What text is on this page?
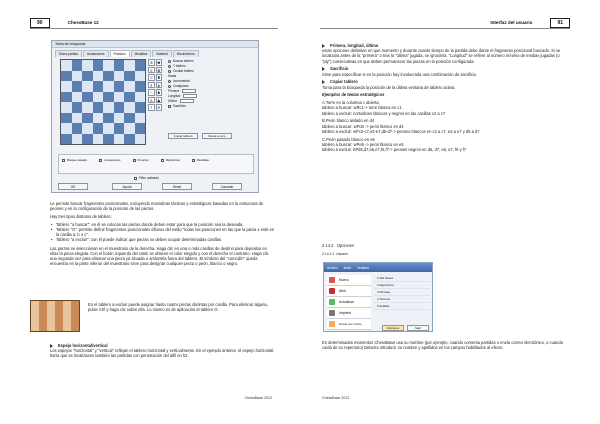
90	ChessBase 12
Tabla de búsqueda
Datos partida	Anotaciones	Posición	Medallas	Material	Movimientos
♔ ♚
♕ ♛
♖ ♜
♗ ♝
♘ ♞
♙ ♟
?	✕
Buscar tablero
Y tablero
Ocultar tablero
Hasta
Incremental
Cualquiera
Primera
Longitud
Último
Sacrificio
Copiar tablero	Reset a cero
Bloque pasado	Anotaciones	Posición	Maniobras	Medallas
Filtro activado
OK	Ayuda	Reset	Cancelar

Le permite buscar fragmentos posicionales, incluyendo maniobras tácticas y estratégicas basadas en la estructura de peones y en la configuración de la posición de las piezas.

Hay tres tipos distintos de tablero:

• Tablero "a buscar": en él se colocan las piezas donde deben estar para que la posición sea la deseada.
• Tablero "O": permite definir fragmentos posicionales difusos del estilo "todas las posiciones en las que la pieza x esté en la casilla a, b o c".
• Tablero "a excluir": con él puede indicar que piezas no deben ocupar determinadas casillas.

Las piezas se seleccionan en el muestrario de la derecha. Haga clic en una o más casillas de destino para depositar en ellas la pieza elegida. Con el botón izquierdo del ratón se obtiene el color elegido y con el derecho el contrario. Haga clic una segunda vez para eliminar una pieza ya situada o arrástrela fuera del tablero. El símbolo del "comodín" queda encuentra en la parte inferior del muestrario sirve para designar cualquier pieza o peón, blanco o negro.

En el tablero a excluir puede asignar hasta cuatro piezas distintas por casilla. Para eliminar alguna, pulse Ctrl y haga clic sobre ella. Lo mismo es de aplicación al tablero O.
Espejo horizontal/vertical

Los espejos "horizontal" y "vertical" reflejan el tablero horizontal y verticalmente. En el ejemplo anterior, el espejo horizontal haría que se localizasen también las partidas con penetración del alfil en h2.

ChessBase 2012
Interfaz del usuario	91
Primera, longitud, último

estas opciones delimitan en que momento y durante cuanto tiempo de la partida debe darse el fragmento posicional buscado. Si se localizara antes de la "primera" o tras la "última" jugada, se ignoraría. "Longitud" se refiere al número mínimo de medias jugadas (o "ply") consecutivas en que deben permanecer las piezas en la posición configurada.

Sacrificio

Sirve para especificar si en la posición hay involucrada una combinación de sacrificio

Copiar tablero

Toma para la búsqueda la posición de la última ventana de tablero activa.

Ejemplos de temas estratégicos

A.Torre en la columna c abierta
tablero a buscar: wRc1-> torre blanca en c1.
tablero a excluir: cortodines blancos y negros en las casillas c2 a c7

B.Peón blanco aislado en d4
tablero a buscar: wPd4 -> peón blanco en d4
tablero a excluir: wPc2-c7,e2-e7,d5-d7-> peones blancos en c2 a c7, e2 a e7 y d5 a d7

C.Peón pasado blanco en e5
tablero a buscar: wPe5 -> peón blanco en e5
tablero a excluir: bPd6,d7,e6,e7,f6,f7-> peones negros en d6, d7, e6, e7, f6 y f7

2.14.2 Opciones
2.14.2.1 Usuario
Archivo Inicio Ventana
Nuevo
Abrir
Actualizar
Imprimir
Enviar por correo
1 Mis bases
2 Repertorio
3 Mi base
4 Torneos
5 Análisis
Opciones	Salir
En determinados momentos ChessBase usa su nombre (por ejemplo, cuando comenta partidas o envía correo electrónico, o cuando cuida de su repertorio) Debería introducir su nombre y apellidos en los campos habilitados al efecto.
ChessBase 2012
